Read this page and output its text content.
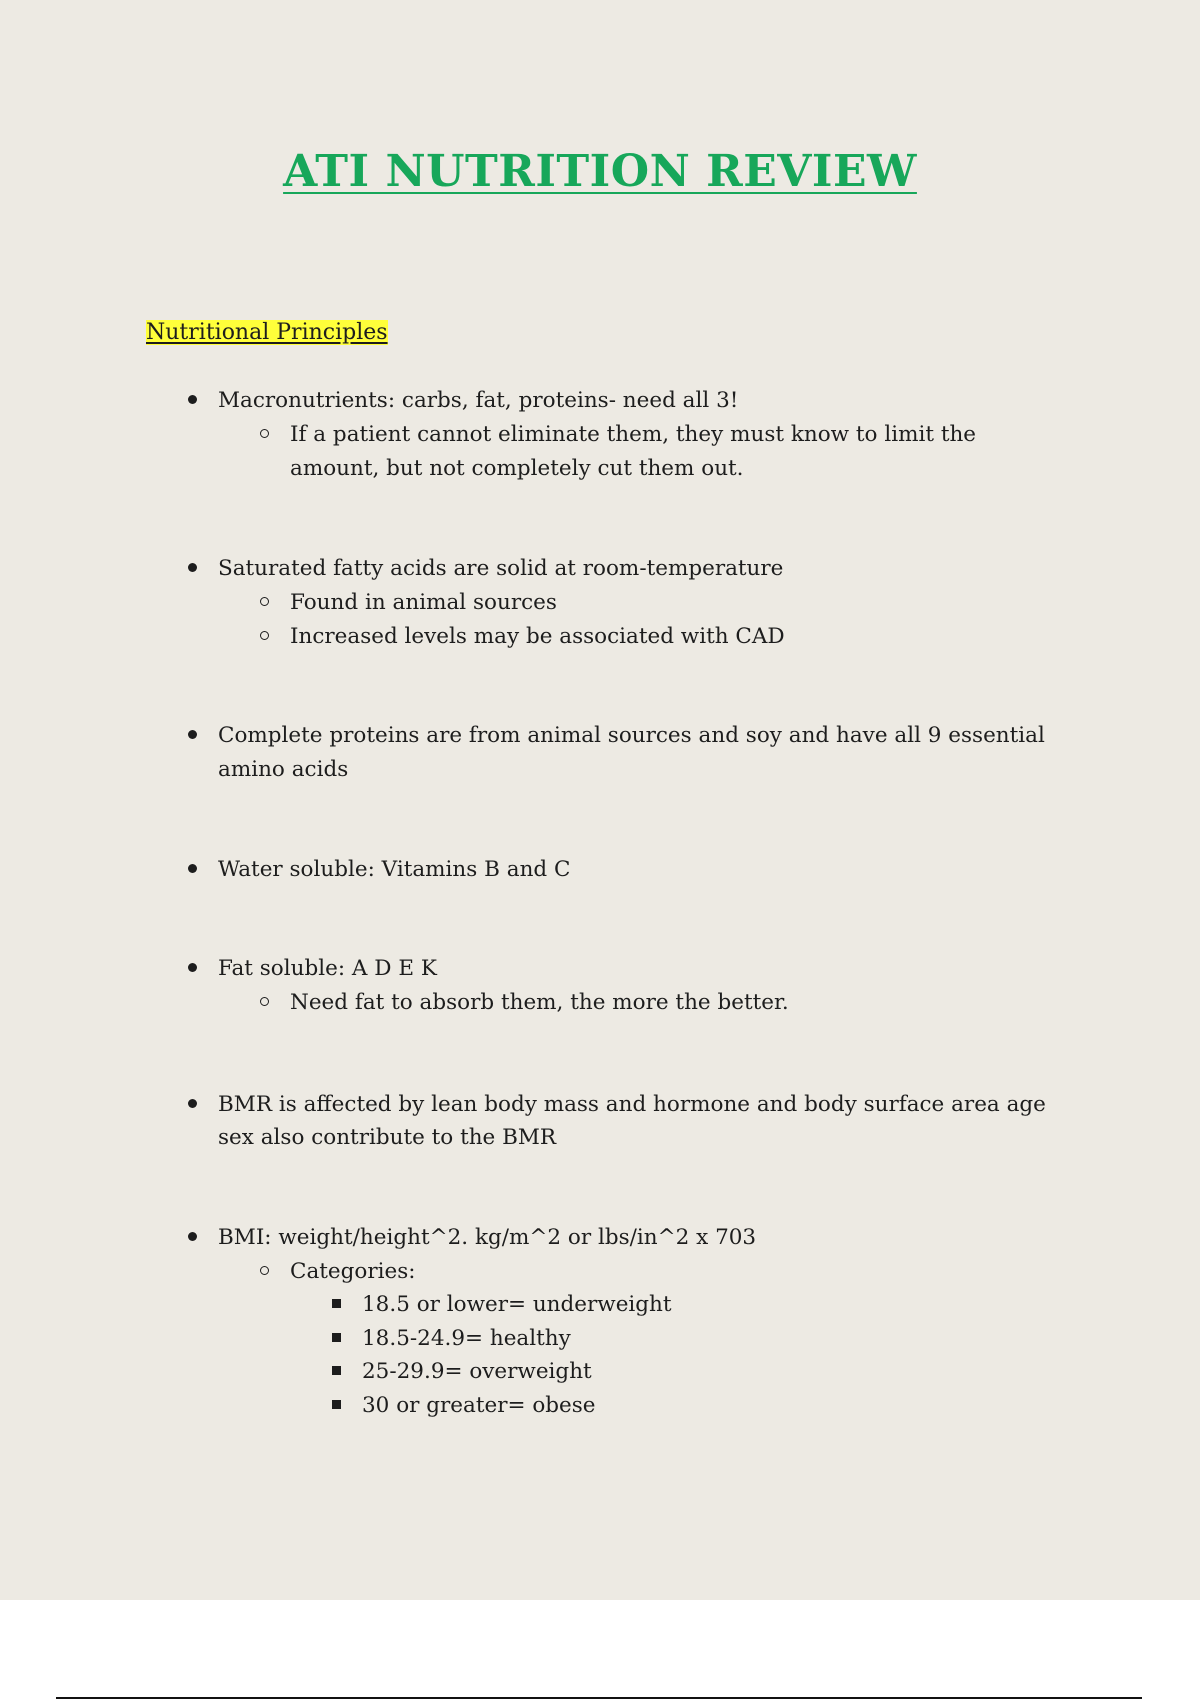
ATI NUTRITION REVIEW
Nutritional Principles
Macronutrients: carbs, fat, proteins- need all 3!
If a patient cannot eliminate them, they must know to limit the amount, but not completely cut them out.
Saturated fatty acids are solid at room-temperature
Found in animal sources
Increased levels may be associated with CAD
Complete proteins are from animal sources and soy and have all 9 essential amino acids
Water soluble: Vitamins B and C
Fat soluble: A D E K
Need fat to absorb them, the more the better.
BMR is affected by lean body mass and hormone and body surface area age sex also contribute to the BMR
BMI: weight/height^2. kg/m^2 or lbs/in^2 x 703
Categories:
18.5 or lower= underweight
18.5-24.9= healthy
25-29.9= overweight
30 or greater= obese
